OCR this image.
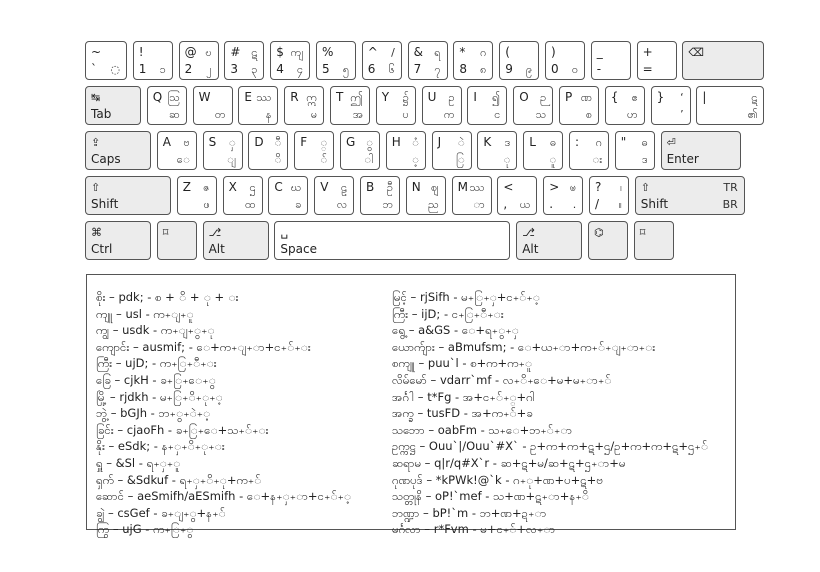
~
` ◌
!
1 ၁
@
2
ဎ
၂
#
3
ဋ
၃
$
4
ကျ
၄
%
5 ၅
^
6
/
၆
&
7
ရ
၇
*
8
ဂ
၈
(
9 ၉
)
0 ၀
_
-
+
=
⌫
↹
Tab
Q ဩ
ဆ
W
တ
E ဿ
န
R ဣ
မ
T ဤ
အ
Y ၌
ပ
U ဥ
က
I ၍
င
O ဉ
သ
P ဏ
စ
{ ဧ
ဟ
} ‘
’
|	ဋ
၏
⇪
Caps
A ဗ
ေ
S ှ
ျ
D ီ
ိ
F ္
်
G ွ
ါ
H ံ
့
J ဲ
ြ
K ဒ
ု
L ဓ
ူ
: ဂ
း
" ဓ
ဒ
⏎
Enter
⇧
Shift
Z ဇ
ဖ
X ဌ
ထ
C ဃ
ခ
V ဠ
လ
B ဦ
ဘ
N ဈ
ည
M ဿ
ာ
<
, ယ
>
.
ၑ
.
?
/
၊
။
⇧
Shift
TR
BR
⌘
Ctrl
⌑	⎇
Alt
␣
Space
⎇
Alt
⌬	⌑
စိုး – pdk; - စ + ိ + ု + း
ကျူ – usl - က+ျ+ူ
ကျွ – usdk - က+ျ+ွ+ု
ကျောင်း – ausmif; - ေ+က+ျ+ာ+င+်+း
ကြီး – ujD; - က+ြ+ီ+း
ခြေ – cjkH - ခ+ြ+ေ+ွ
မြို့ – rjdkh - မ+ြ+ိ+ု+့
ဘွဲ့ – bGJh - ဘ+ွ+ဲ+့
ခြင်း – cjaoFh - ခ+ြ+ေ+သ+်+း
နိုး – eSdk; - န+ှ+ိ+ု+း
ရှူ – &Sl - ရ+ှ+ူ
ရှက် – &Sdkuf - ရ+ှ+ိ+ု+က+်
ဆောင် – aeSmifh/aESmifh - ေ+န+ှ+ာ+င+်+့
ချွဲ – csGef - ခ+ျ+ွ+န+်
ကြွ – ujG - က+ြ+ွ
မြင့် – rjSifh - မ+ြ+ှ+င+်+့
ကြီး – ijD; - င+ြ+ီ+း
ရွေ့ – a&GS - ေ+ရ+ွ+ှ
ယောက်ျား – aBmufsm; - ေ+ယ+ာ+က+်+ျ+ာ+း
စကျူ – puu`l - စ+က+က+ူ
လိမ်မော် – vdarr`mf - လ+ိ+ေ+မ+မ+ာ+်
အင်္ဂါ – t*Fg - အ+င+်+္+ဂါ
အက္ခ – tusFD - အ+က+်+ခ
သဘော – oabFm - သ+ေ+ဘ+်+ာ
ဥက္ကဋ္ဌ – Ouu`|/Ouu`#X` - ဥ+က+က+ဋ+ဌ/ဥ+က+က+ဋ+ဌ+်
ဆရာမ – q|r/q#X`r - ဆ+ဋ+မ/ဆ+ဋ+ဌ+ာ+မ
ဂုဏပုဒ် – *kPWk!@`k - ဂ+ု+ဏ+ပ+ဋ+ဗ
သတ္တုနိ – oP!`mef - သ+ဏ+ဋ+ာ+န+ိ
ဘဏ္ဍာ – bP!`m - ဘ+ဏ+ဍ+ာ
မင်္ဂလာ – r*Fvm - မ+င+်+လ+ာ
